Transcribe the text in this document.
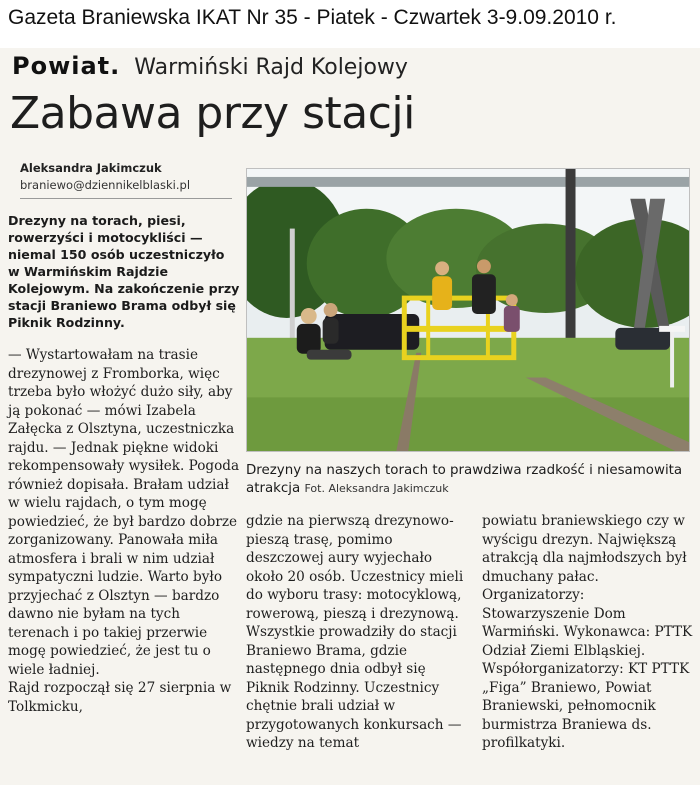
Gazeta Braniewska IKAT Nr 35 - Piatek - Czwartek 3-9.09.2010 r.
Powiat. Warmiński Rajd Kolejowy
Zabawa przy stacji
Aleksandra Jakimczuk
braniewo@dziennikelblaski.pl
Drezyny na torach, piesi, rowerzyści i motocykliści — niemal 150 osób uczestniczyło w Warmińskim Rajdzie Kolejowym. Na zakończenie przy stacji Braniewo Brama odbył się Piknik Rodzinny.

— Wystartowałam na trasie drezynowej z Fromborka, więc trzeba było włożyć dużo siły, aby ją pokonać — mówi Izabela Załęcka z Olsztyna, uczestniczka rajdu. — Jednak piękne widoki rekompensowały wysiłek. Pogoda również dopisała. Brałam udział w wielu rajdach, o tym mogę powiedzieć, że był bardzo dobrze zorganizowany. Panowała miła atmosfera i brali w nim udział sympatyczni ludzie. Warto było przyjechać z Olsztyn — bardzo dawno nie byłam na tych terenach i po takiej przerwie mogę powiedzieć, że jest tu o wiele ładniej.

Rajd rozpoczął się 27 sierpnia w Tolkmicku,

Drezyny na naszych torach to prawdziwa rzadkość i niesamowita atrakcja Fot. Aleksandra Jakimczuk

gdzie na pierwszą drezynowo-pieszą trasę, pomimo deszczowej aury wyjechało około 20 osób. Uczestnicy mieli do wyboru trasy: motocyklową, rowerową, pieszą i drezynową. Wszystkie prowadziły do stacji Braniewo Brama, gdzie następnego dnia odbył się Piknik Rodzinny. Uczestnicy chętnie brali udział w przygotowanych konkursach — wiedzy na temat

powiatu braniewskiego czy w wyścigu drezyn. Największą atrakcją dla najmłodszych był dmuchany pałac.

Organizatorzy: Stowarzyszenie Dom Warmiński. Wykonawca: PTTK Odział Ziemi Elbląskiej. Współorganizatorzy: KT PTTK „Figa” Braniewo, Powiat Braniewski, pełnomocnik burmistrza Braniewa ds. profilkatyki.
